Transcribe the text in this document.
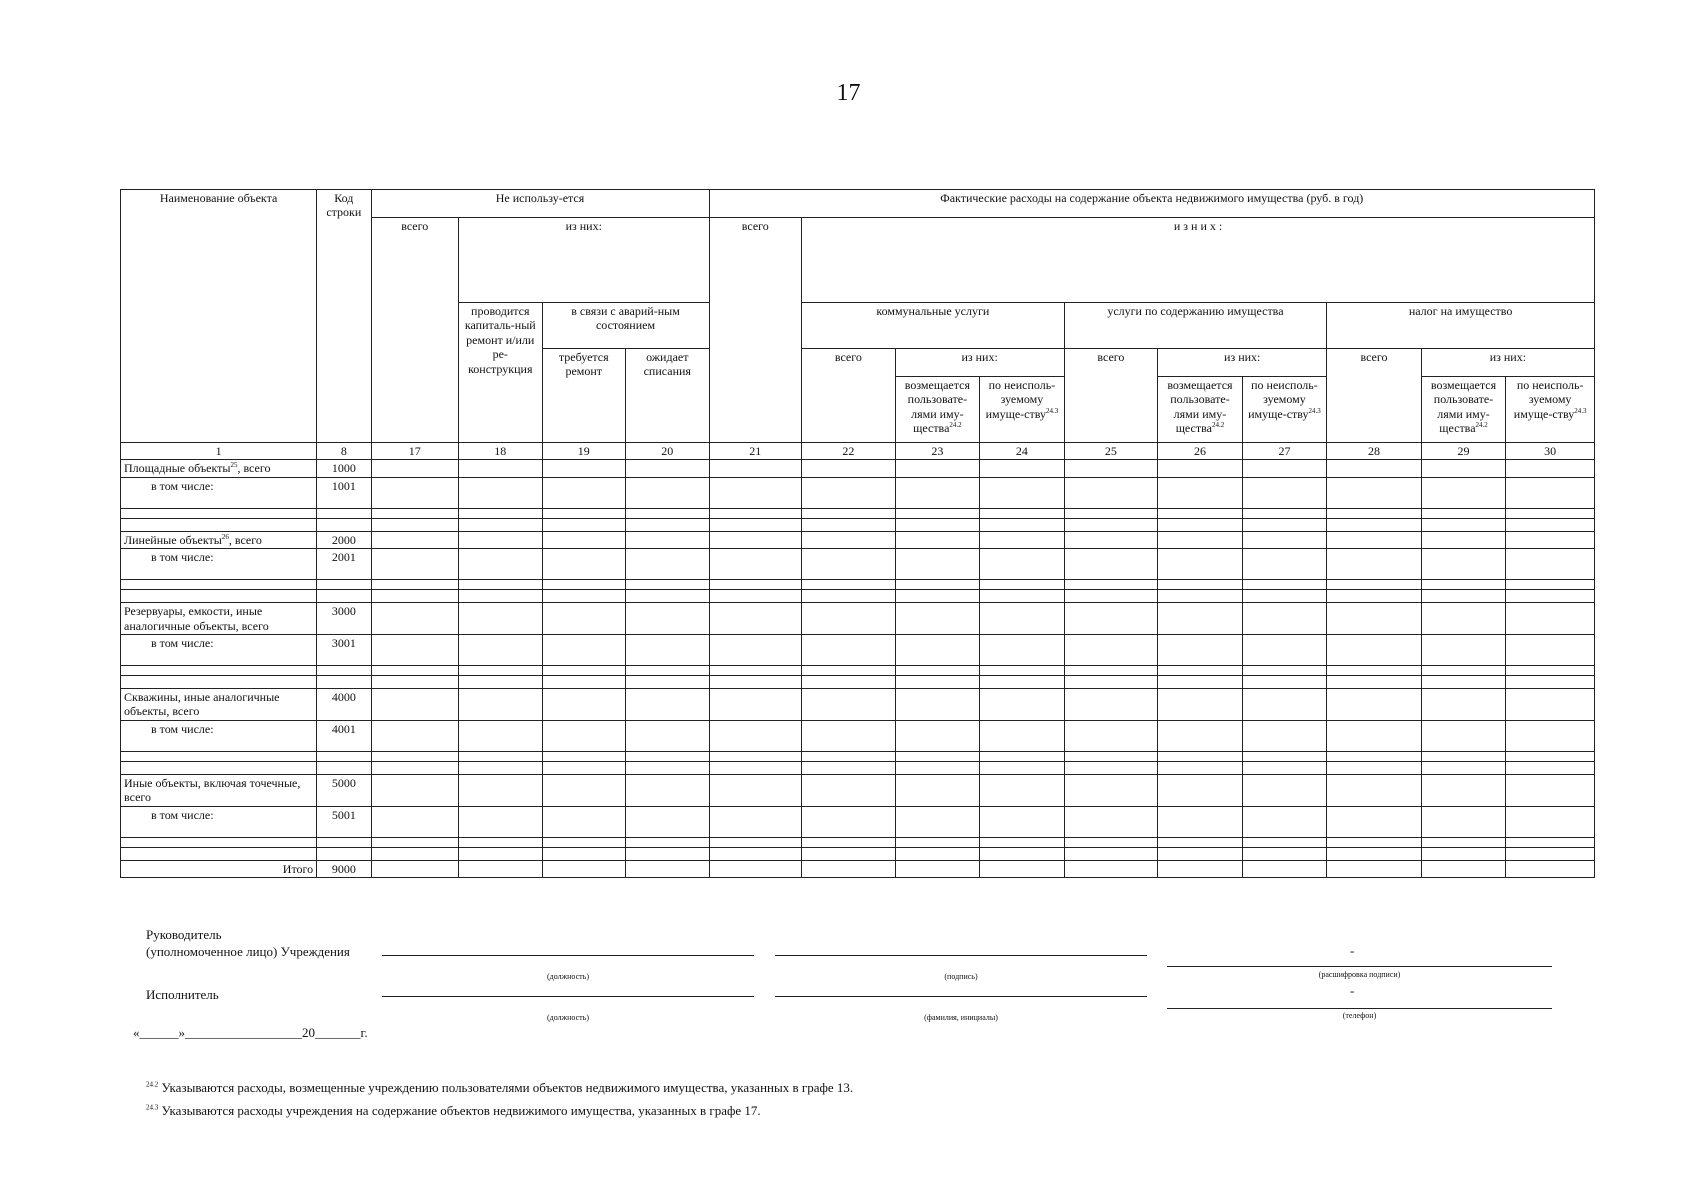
17
Наименование объекта	Код строки	Не использу-ется				Фактические расходы на содержание объекта недвижимого имущества (руб. в год)									
		всего	из них:			всего	и з н и х :								
			проводится капиталь-ный ремонт и/или ре-конструкция	в связи с аварий-ным состоянием			коммунальные услуги			услуги по содержанию имущества			налог на имущество		
				требуется ремонт	ожидает списания		всего	из них:		всего	из них:		всего	из них:	
								возмещается пользовате-лями иму-щества$^{24.2}$	по неисполь-зуемому имуще-ству$^{24.3}$		возмещается пользовате-лями иму-щества$^{24.2}$	по неисполь-зуемому имуще-ству$^{24.3}$		возмещается пользовате-лями иму-щества$^{24.2}$	по неисполь-зуемому имуще-ству$^{24.3}$
1	8	17	18	19	20	21	22	23	24	25	26	27	28	29	30
Площадные объекты$^{25}$, всего	1000														
в том числе:	1001														

Линейные объекты$^{26}$, всего	2000														
в том числе:	2001														

Резервуары, емкости, иные аналогичные объекты, всего	3000														
в том числе:	3001														

Скважины, иные аналогичные объекты, всего	4000														
в том числе:	4001														

Иные объекты, включая точечные, всего	5000														
в том числе:	5001														

Итого	9000														
Руководитель
(уполномоченное лицо) Учреждения	-
(должность)	(подпись)	(расшифровка подписи)
Исполнитель	-
(должность)	(фамилия, инициалы)	(телефон)
«______»__________________20_______г.
$^{24.2}$ Указываются расходы, возмещенные учреждению пользователями объектов недвижимого имущества, указанных в графе 13.
$^{24.3}$ Указываются расходы учреждения на содержание объектов недвижимого имущества, указанных в графе 17.
